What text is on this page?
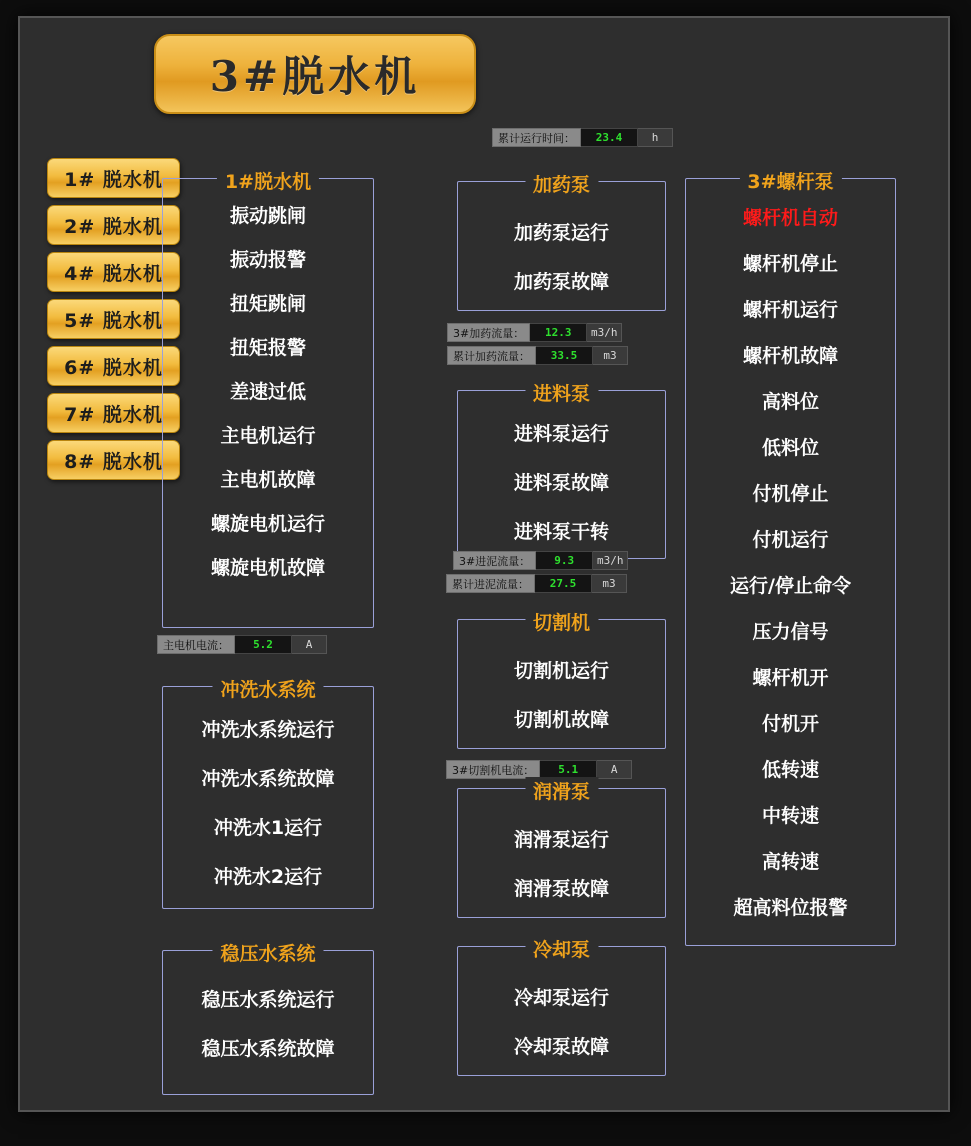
3#脱水机
累计运行时间：	23.4	h
1# 脱水机
2# 脱水机
4# 脱水机
5# 脱水机
6# 脱水机
7# 脱水机
8# 脱水机
1#脱水机
振动跳闸
振动报警
扭矩跳闸
扭矩报警
差速过低
主电机运行
主电机故障
螺旋电机运行
螺旋电机故障
主电机电流：	5.2	A
冲洗水系统
冲洗水系统运行
冲洗水系统故障
冲洗水1运行
冲洗水2运行
稳压水系统
稳压水系统运行
稳压水系统故障
加药泵
加药泵运行
加药泵故障
3#加药流量：	12.3	m3/h
累计加药流量：	33.5	m3
进料泵
进料泵运行
进料泵故障
进料泵干转
3#进泥流量：	9.3	m3/h
累计进泥流量：	27.5	m3
切割机
切割机运行
切割机故障
3#切割机电流：	5.1	A
润滑泵
润滑泵运行
润滑泵故障
冷却泵
冷却泵运行
冷却泵故障
3#螺杆泵
螺杆机自动
螺杆机停止
螺杆机运行
螺杆机故障
高料位
低料位
付机停止
付机运行
运行/停止命令
压力信号
螺杆机开
付机开
低转速
中转速
高转速
超高料位报警
